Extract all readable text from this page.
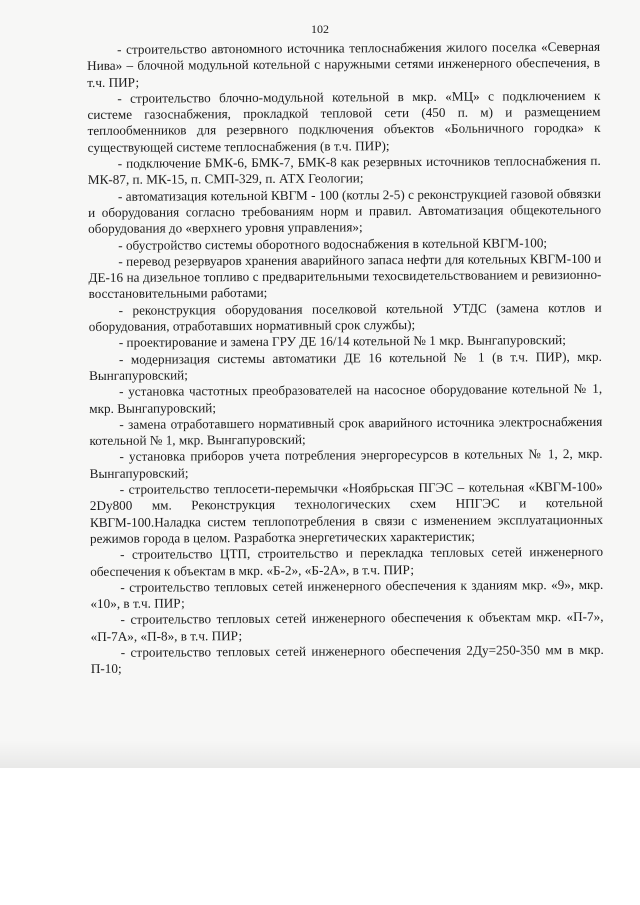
102

- строительство автономного источника теплоснабжения жилого поселка «Северная Нива» – блочной модульной котельной с наружными сетями инженерного обеспечения, в т.ч. ПИР;

- строительство блочно-модульной котельной в мкр. «МЦ» с подключением к системе газоснабжения, прокладкой тепловой сети (450 п. м) и размещением теплообменников для резервного подключения объектов «Больничного городка» к существующей системе теплоснабжения (в т.ч. ПИР);

- подключение БМК-6, БМК-7, БМК-8 как резервных источников теплоснабжения п. МК-87, п. МК-15, п. СМП-329, п. АТХ Геологии;

- автоматизация котельной КВГМ - 100 (котлы 2-5) с реконструкцией газовой обвязки и оборудования согласно требованиям норм и правил. Автоматизация общекотельного оборудования до «верхнего уровня управления»;

- обустройство системы оборотного водоснабжения в котельной КВГМ-100;

- перевод резервуаров хранения аварийного запаса нефти для котельных КВГМ-100 и ДЕ-16 на дизельное топливо с предварительными техосвидетельствованием и ревизионно-восстановительными работами;

- реконструкция оборудования поселковой котельной УТДС (замена котлов и оборудования, отработавших нормативный срок службы);

- проектирование и замена ГРУ ДЕ 16/14 котельной № 1 мкр. Вынгапуровский;

- модернизация системы автоматики ДЕ 16 котельной № 1 (в т.ч. ПИР), мкр. Вынгапуровский;

- установка частотных преобразователей на насосное оборудование котельной № 1, мкр. Вынгапуровский;

- замена отработавшего нормативный срок аварийного источника электроснабжения котельной № 1, мкр. Вынгапуровский;

- установка приборов учета потребления энергоресурсов в котельных № 1, 2, мкр. Вынгапуровский;

- строительство теплосети-перемычки «Ноябрьская ПГЭС – котельная «КВГМ-100» 2Dy800 мм. Реконструкция технологических схем НПГЭС и котельной КВГМ-100.Наладка систем теплопотребления в связи с изменением эксплуатационных режимов города в целом. Разработка энергетических характеристик;

- строительство ЦТП, строительство и перекладка тепловых сетей инженерного обеспечения к объектам в мкр. «Б-2», «Б-2А», в т.ч. ПИР;

- строительство тепловых сетей инженерного обеспечения к зданиям мкр. «9», мкр. «10», в т.ч. ПИР;

- строительство тепловых сетей инженерного обеспечения к объектам мкр. «П-7», «П-7А», «П-8», в т.ч. ПИР;

- строительство тепловых сетей инженерного обеспечения 2Ду=250-350 мм в мкр. П-10;
